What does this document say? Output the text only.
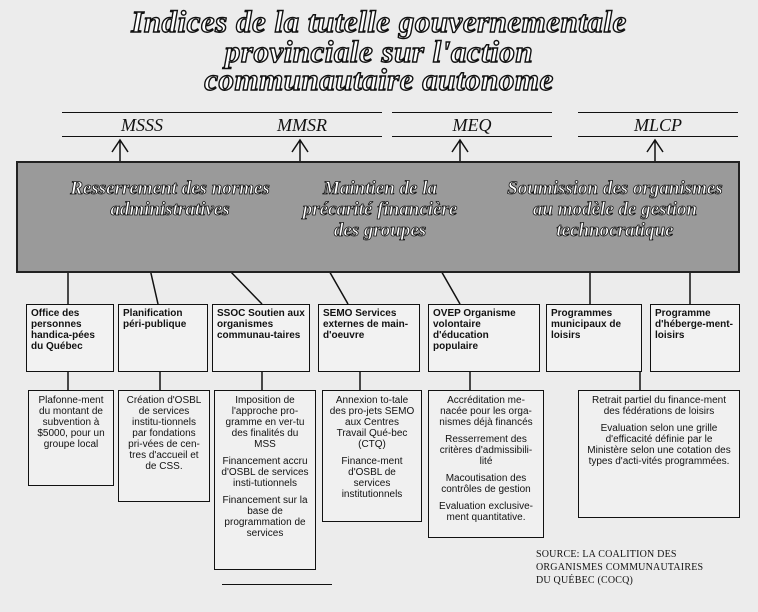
Indices de la tutelle gouvernementale
provinciale sur l'action
communautaire autonome
MSSS	MMSR	MEQ	MLCP
Resserrement des normes administratives
Maintien de la précarité financière des groupes
Soumission des organismes au modèle de gestion technocratique
Office des personnes handica-pées du Québec
Planification péri-publique
SSOC Soutien aux organismes communau-taires
SEMO Services externes de main-d'oeuvre
OVEP Organisme volontaire d'éducation populaire
Programmes municipaux de loisirs
Programme d'héberge-ment-loisirs

Plafonne-ment du montant de subvention à $5000, pour un groupe local

Création d'OSBL de services institu-tionnels par fondations pri-vées de cen-tres d'accueil et de CSS.

Imposition de l'approche pro-gramme en ver-tu des finalités du MSS

Financement accru d'OSBL de services insti-tutionnels

Financement sur la base de programmation de services

Annexion to-tale des pro-jets SEMO aux Centres Travail Qué-bec (CTQ)

Finance-ment d'OSBL de services institutionnels

Accréditation me-nacée pour les orga-nismes déjà financés

Resserrement des critères d'admissibili-lité

Macoutisation des contrôles de gestion

Evaluation exclusive-ment quantitative.

Retrait partiel du finance-ment des fédérations de loisirs

Evaluation selon une grille d'efficacité définie par le Ministère selon une cotation des types d'acti-vités programmées.

SOURCE: LA COALITION DES
ORGANISMES COMMUNAUTAIRES
DU QUÉBEC (COCQ)
